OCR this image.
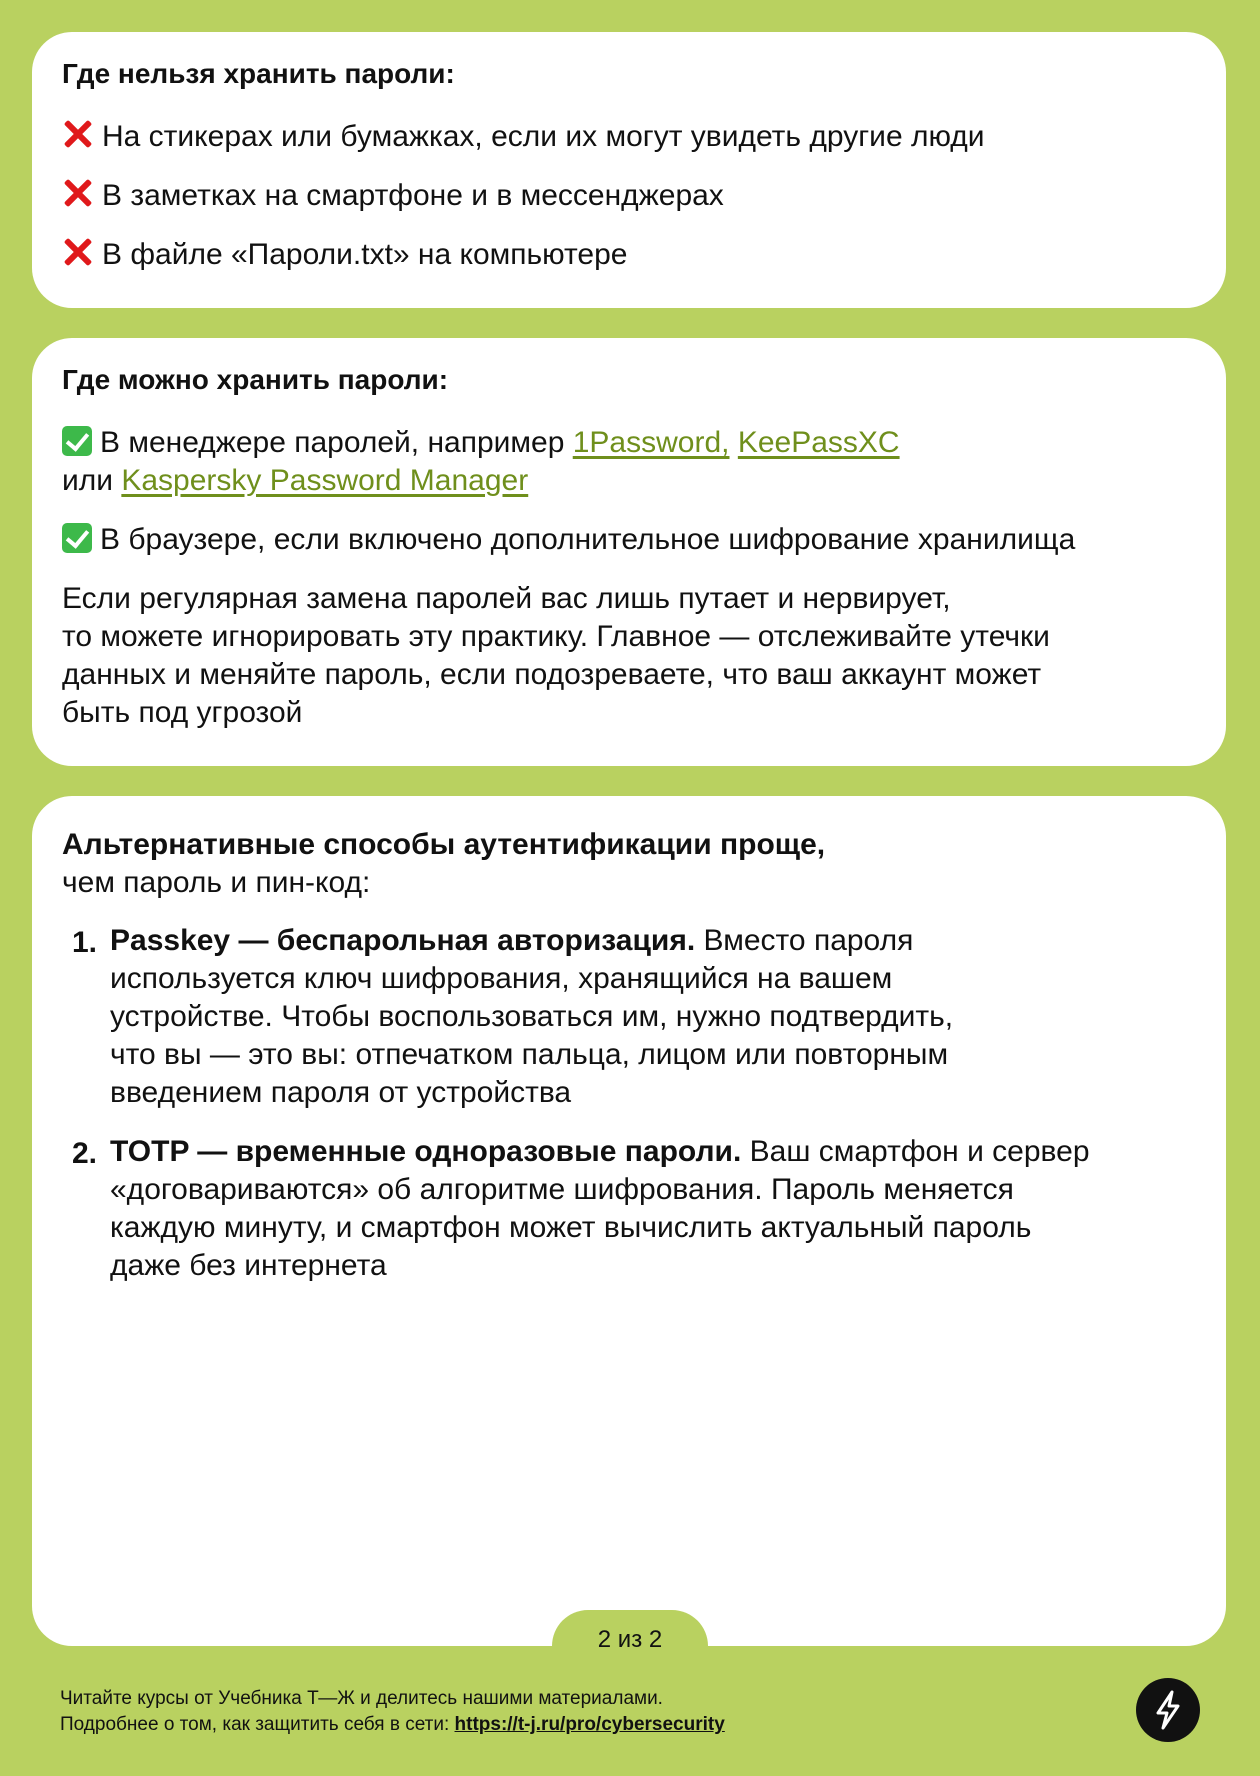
Где нельзя хранить пароли:
На стикерах или бумажках, если их могут увидеть другие люди
В заметках на смартфоне и в мессенджерах
В файле «Пароли.txt» на компьютере
Где можно хранить пароли:
В менеджере паролей, например 1Password, KeePassXC
или Kaspersky Password Manager
В браузере, если включено дополнительное шифрование хранилища
Если регулярная замена паролей вас лишь путает и нервирует,
то можете игнорировать эту практику. Главное — отслеживайте утечки
данных и меняйте пароль, если подозреваете, что ваш аккаунт может
быть под угрозой
Альтернативные способы аутентификации проще,
чем пароль и пин-код:
1. Passkey — беспарольная авторизация. Вместо пароля
используется ключ шифрования, хранящийся на вашем
устройстве. Чтобы воспользоваться им, нужно подтвердить,
что вы — это вы: отпечатком пальца, лицом или повторным
введением пароля от устройства
2. TOTP — временные одноразовые пароли. Ваш смартфон и сервер
«договариваются» об алгоритме шифрования. Пароль меняется
каждую минуту, и смартфон может вычислить актуальный пароль
даже без интернета
2 из 2
Читайте курсы от Учебника Т—Ж и делитесь нашими материалами.
Подробнее о том, как защитить себя в сети: https://t-j.ru/pro/cybersecurity
